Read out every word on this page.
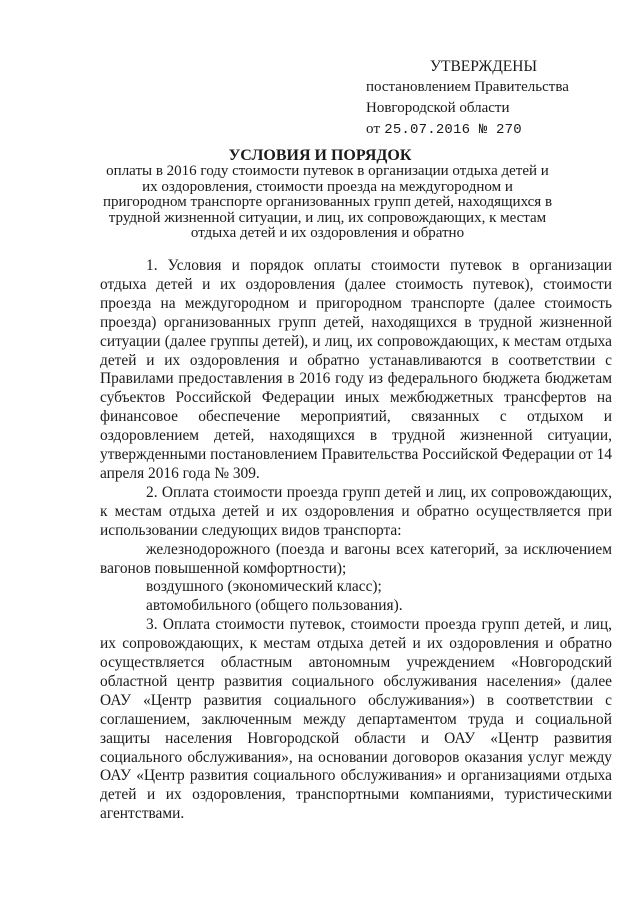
УТВЕРЖДЕНЫ
постановлением Правительства
Новгородской области
от 25.07.2016 № 270
УСЛОВИЯ И ПОРЯДОК
оплаты в 2016 году стоимости путевок в организации отдыха детей и их оздоровления, стоимости проезда на междугородном и пригородном транспорте организованных групп детей, находящихся в трудной жизненной ситуации, и лиц, их сопровождающих, к местам отдыха детей и их оздоровления и обратно

1. Условия и порядок оплаты стоимости путевок в организации отдыха детей и их оздоровления (далее стоимость путевок), стоимости проезда на междугородном и пригородном транспорте (далее стоимость проезда) организованных групп детей, находящихся в трудной жизненной ситуации (далее группы детей), и лиц, их сопровождающих, к местам отдыха детей и их оздоровления и обратно устанавливаются в соответствии с Правилами предоставления в 2016 году из федерального бюджета бюджетам субъектов Российской Федерации иных межбюджетных трансфертов на финансовое обеспечение мероприятий, связанных с отдыхом и оздоровлением детей, находящихся в трудной жизненной ситуации, утвержденными постановлением Правительства Российской Федерации от 14 апреля 2016 года № 309.

2. Оплата стоимости проезда групп детей и лиц, их сопровождающих, к местам отдыха детей и их оздоровления и обратно осуществляется при использовании следующих видов транспорта:

железнодорожного (поезда и вагоны всех категорий, за исключением вагонов повышенной комфортности);

воздушного (экономический класс);

автомобильного (общего пользования).

3. Оплата стоимости путевок, стоимости проезда групп детей, и лиц, их сопровождающих, к местам отдыха детей и их оздоровления и обратно осуществляется областным автономным учреждением «Новгородский областной центр развития социального обслуживания населения» (далее ОАУ «Центр развития социального обслуживания») в соответствии с соглашением, заключенным между департаментом труда и социальной защиты населения Новгородской области и ОАУ «Центр развития социального обслуживания», на основании договоров оказания услуг между ОАУ «Центр развития социального обслуживания» и организациями отдыха детей и их оздоровления, транспортными компаниями, туристическими агентствами.
